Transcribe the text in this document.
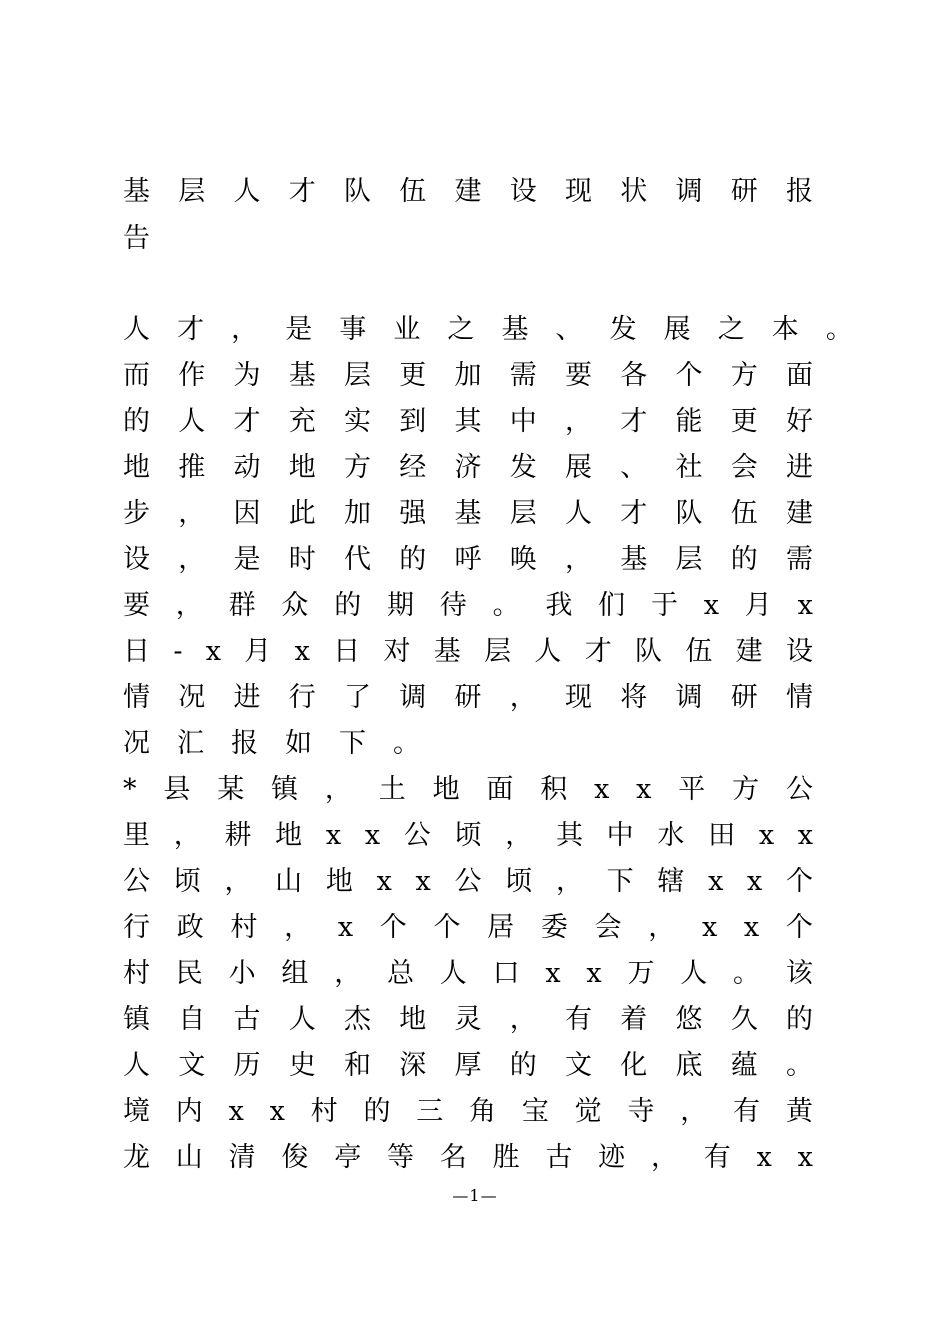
基 层 人 才 队 伍 建 设 现 状 调 研 报
告
人 才 ， 是 事 业 之 基 、 发 展 之 本 。
而 作 为 基 层 更 加 需 要 各 个 方 面
的 人 才 充 实 到 其 中 ， 才 能 更 好
地 推 动 地 方 经 济 发 展 、 社 会 进
步 ， 因 此 加 强 基 层 人 才 队 伍 建
设 ， 是 时 代 的 呼 唤 ， 基 层 的 需
要 ， 群 众 的 期 待 。 我 们 于 x 月 x
日 - x 月 x 日 对 基 层 人 才 队 伍 建 设
情 况 进 行 了 调 研 ， 现 将 调 研 情
况	汇	报	如	下	。
* 县 某 镇 ， 土 地 面 积 x x 平 方 公
里 ， 耕 地 x x 公 顷 ， 其 中 水 田 x x
公 顷 ， 山 地 x x 公 顷 ， 下 辖 x x 个
行 政 村 ， x 个 个 居 委 会 ， x x 个
村 民 小 组 ， 总 人 口 x x 万 人 。 该
镇 自 古 人 杰 地 灵 ， 有 着 悠 久 的
人 文 历 史 和 深 厚 的 文 化 底 蕴 。
境 内 x x 村 的 三 角 宝 觉 寺 ， 有 黄
龙 山 清 俊 亭 等 名 胜 古 迹 ， 有 x x
—1—
